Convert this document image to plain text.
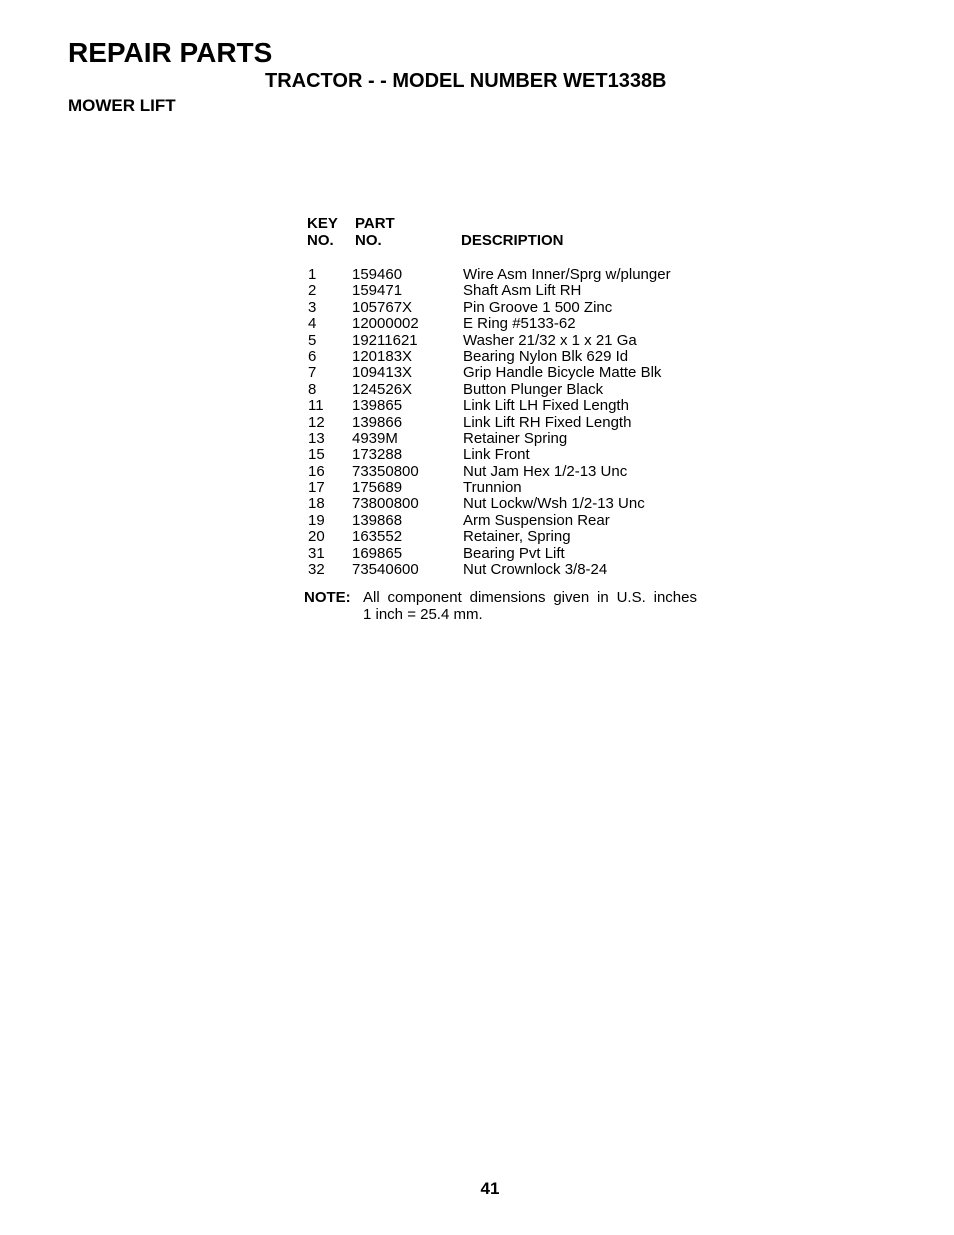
REPAIR PARTS
TRACTOR - - MODEL NUMBER WET1338B
MOWER LIFT
KEY PART
NO. NO.	DESCRIPTION
1 159460	Wire Asm Inner/Sprg w/plunger
2 159471	Shaft Asm Lift RH
3 105767X	Pin Groove 1 500 Zinc
4 12000002	E Ring #5133-62
5 19211621	Washer 21/32 x 1 x 21 Ga
6 120183X	Bearing Nylon Blk 629 Id
7 109413X	Grip Handle Bicycle Matte Blk
8 124526X	Button Plunger Black
11 139865	Link Lift LH Fixed Length
12 139866	Link Lift RH Fixed Length
13 4939M	Retainer Spring
15 173288	Link Front
16 73350800	Nut Jam Hex 1/2-13 Unc
17 175689	Trunnion
18 73800800	Nut Lockw/Wsh 1/2-13 Unc
19 139868	Arm Suspension Rear
20 163552	Retainer, Spring
31 169865	Bearing Pvt Lift
32 73540600	Nut Crownlock 3/8-24
NOTE: All component dimensions given in U.S. inches
1 inch = 25.4 mm.
41
